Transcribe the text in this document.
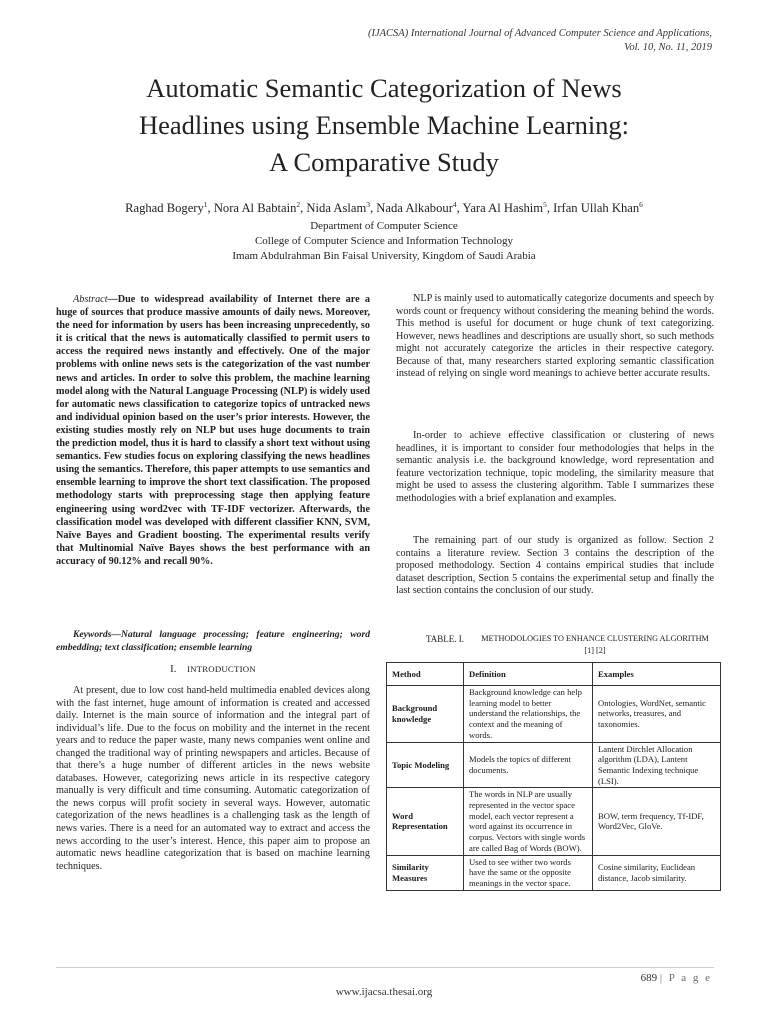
(IJACSA) International Journal of Advanced Computer Science and Applications,
Vol. 10, No. 11, 2019
Automatic Semantic Categorization of News
Headlines using Ensemble Machine Learning:
A Comparative Study
Raghad Bogery$^1$, Nora Al Babtain$^2$, Nida Aslam$^3$, Nada Alkabour$^4$, Yara Al Hashim$^5$, Irfan Ullah Khan$^6$
Department of Computer Science
College of Computer Science and Information Technology
Imam Abdulrahman Bin Faisal University, Kingdom of Saudi Arabia

Abstract—Due to widespread availability of Internet there are a huge of sources that produce massive amounts of daily news. Moreover, the need for information by users has been increasing unprecedently, so it is critical that the news is automatically classified to permit users to access the required news instantly and effectively. One of the major problems with online news sets is the categorization of the vast number news and articles. In order to solve this problem, the machine learning model along with the Natural Language Processing (NLP) is widely used for automatic news classification to categorize topics of untracked news and individual opinion based on the user’s prior interests. However, the existing studies mostly rely on NLP but uses huge documents to train the prediction model, thus it is hard to classify a short text without using semantics. Few studies focus on exploring classifying the news headlines using the semantics. Therefore, this paper attempts to use semantics and ensemble learning to improve the short text classification. The proposed methodology starts with preprocessing stage then applying feature engineering using word2vec with TF-IDF vectorizer. Afterwards, the classification model was developed with different classifier KNN, SVM, Naïve Bayes and Gradient boosting. The experimental results verify that Multinomial Naïve Bayes shows the best performance with an accuracy of 90.12% and recall 90%.

Keywords—Natural language processing; feature engineering; word embedding; text classification; ensemble learning

I. INTRODUCTION

At present, due to low cost hand-held multimedia enabled devices along with the fast internet, huge amount of information is created and accessed daily. Internet is the main source of information and the integral part of individual’s life. Due to the focus on mobility and the internet in the recent years and to reduce the paper waste, many news companies went online and changed the traditional way of printing newspapers and articles. Because of that there’s a huge number of different articles in the news website databases. However, categorizing news article in its respective category manually is very difficult and time consuming. Automatic categorization of the news corpus will profit society in several ways. However, automatic categorization of the news headlines is a challenging task as the length of news varies. There is a need for an automated way to extract and access the news according to the user’s interest. Hence, this paper aim to propose an automatic news headline categorization that is based on machine learning techniques.

NLP is mainly used to automatically categorize documents and speech by words count or frequency without considering the meaning behind the words. This method is useful for document or huge chunk of text categorizing. However, news headlines and descriptions are usually short, so such methods might not accurately categorize the articles in their respective category. Because of that, many researchers started exploring semantic classification instead of relying on single word meanings to achieve better accurate results.

In-order to achieve effective classification or clustering of news headlines, it is important to consider four methodologies that helps in the semantic analysis i.e. the background knowledge, word representation and feature vectorization technique, topic modeling, the similarity measure that might be used to assess the clustering algorithm. Table I summarizes these methodologies with a brief explanation and examples.

The remaining part of our study is organized as follow. Section 2 contains a literature review. Section 3 contains the description of the proposed methodology. Section 4 contains empirical studies that include dataset description, Section 5 contains the experimental setup and finally the last section contains the conclusion of our study.

TABLE. I.	METHODOLOGIES TO ENHANCE CLUSTERING ALGORITHM [1] [2]
Method	Definition	Examples
Background knowledge	Background knowledge can help learning model to better understand the relationships, the context and the meaning of words.	Ontologies, WordNet, semantic networks, treasures, and taxonomies.
Topic Modeling	Models the topics of different documents.	Lantent Dirchlet Allocation algorithm (LDA), Lantent Semantic Indexing technique (LSI).
Word Representation	The words in NLP are usually represented in the vector space model, each vector represent a word against its occurrence in corpus. Vectors with single words are called Bag of Words (BOW).	BOW, term frequency, Tf-IDF, Word2Vec, GloVe.
Similarity Measures	Used to see wither two words have the same or the opposite meanings in the vector space.	Cosine similarity, Euclidean distance, Jacob similarity.
689 | P a g e
www.ijacsa.thesai.org
